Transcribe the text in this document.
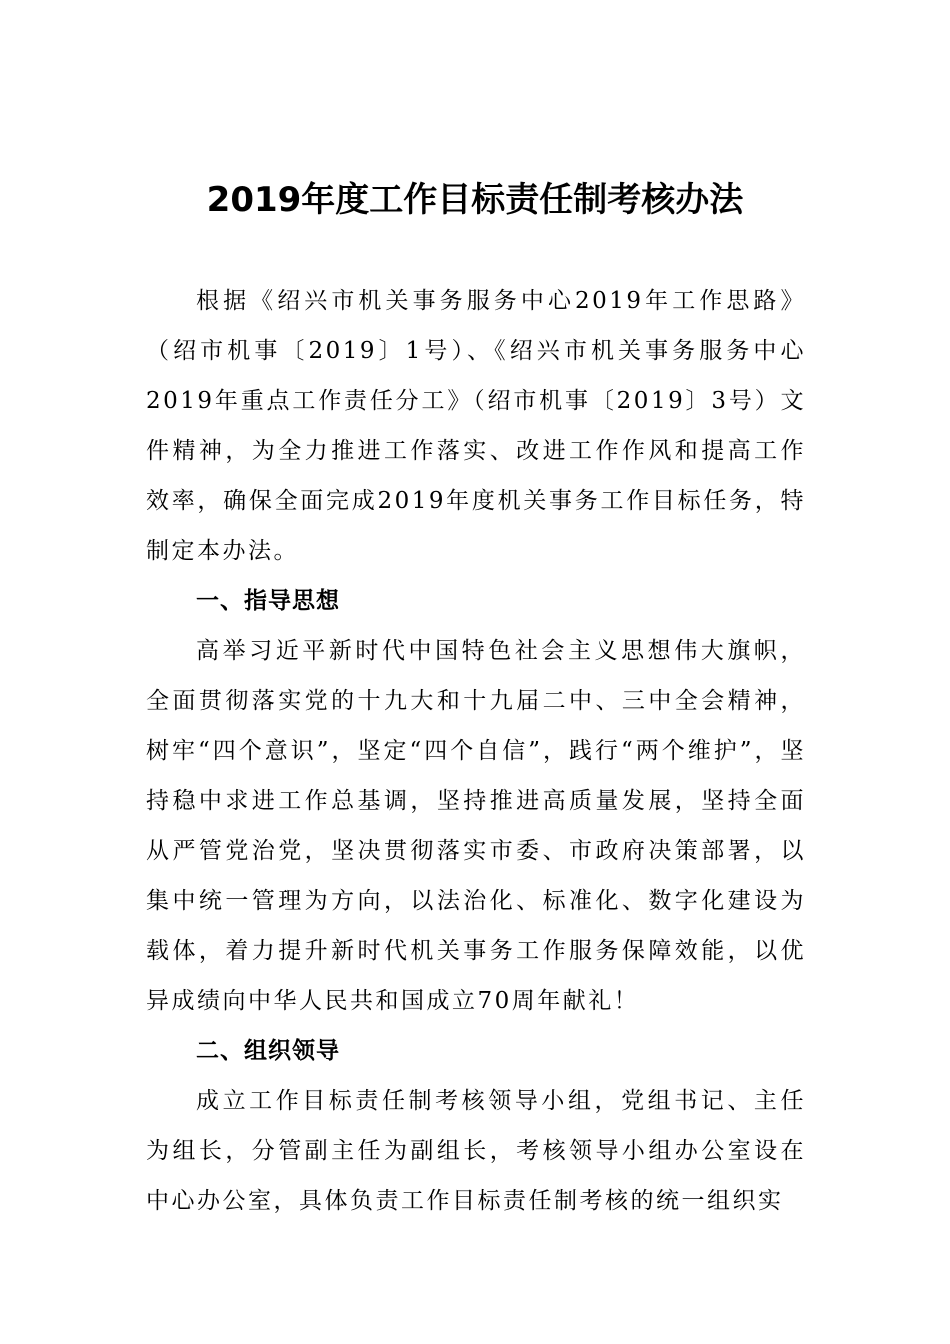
2019年度工作目标责任制考核办法

根据《绍兴市机关事务服务中心2019年工作思路》（绍市机事〔2019〕1号）、《绍兴市机关事务服务中心2019年重点工作责任分工》（绍市机事〔2019〕3号）文件精神，为全力推进工作落实、改进工作作风和提高工作效率，确保全面完成2019年度机关事务工作目标任务，特制定本办法。

一、指导思想

高举习近平新时代中国特色社会主义思想伟大旗帜，全面贯彻落实党的十九大和十九届二中、三中全会精神，树牢“四个意识”，坚定“四个自信”，践行“两个维护”，坚持稳中求进工作总基调，坚持推进高质量发展，坚持全面从严管党治党，坚决贯彻落实市委、市政府决策部署，以集中统一管理为方向，以法治化、标准化、数字化建设为载体，着力提升新时代机关事务工作服务保障效能，以优异成绩向中华人民共和国成立70周年献礼！

二、组织领导

成立工作目标责任制考核领导小组，党组书记、主任为组长，分管副主任为副组长，考核领导小组办公室设在中心办公室，具体负责工作目标责任制考核的统一组织实
